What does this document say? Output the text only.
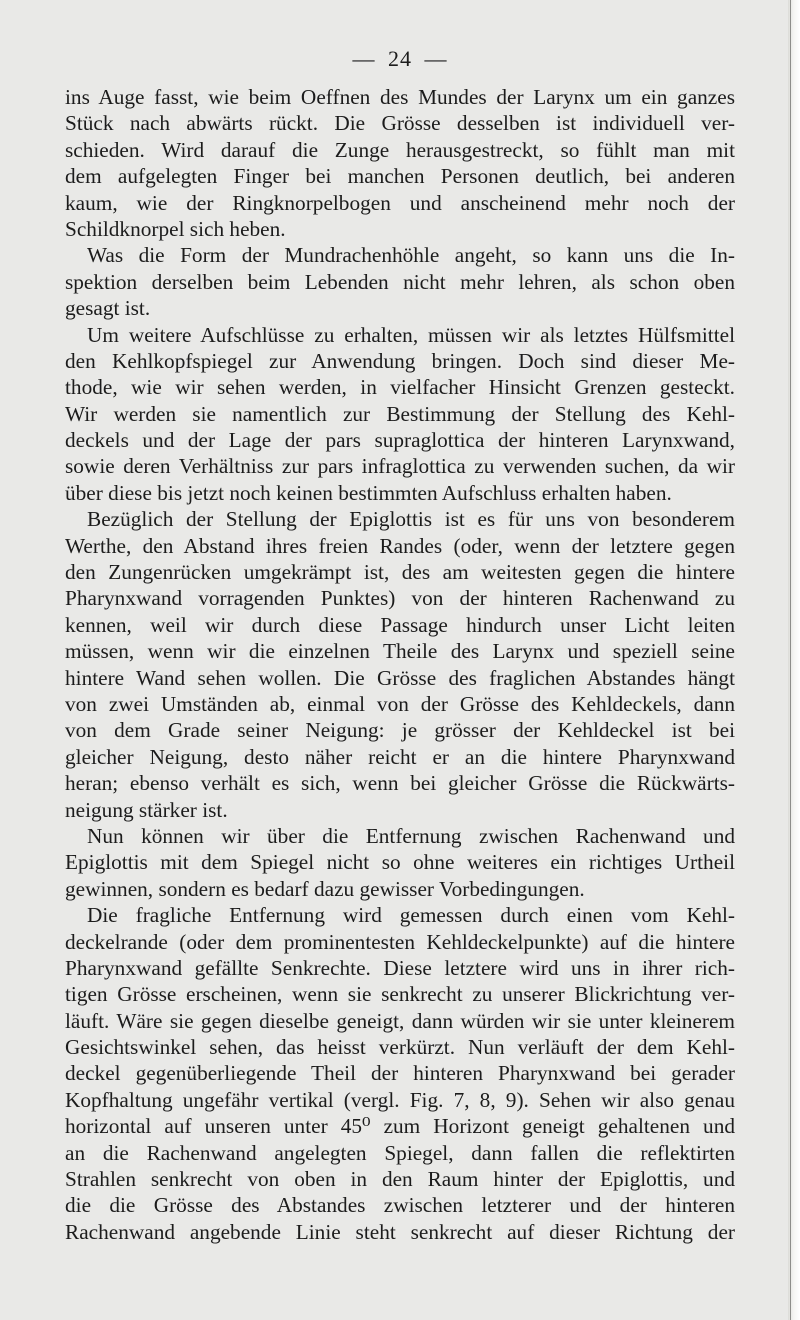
— 24 —
ins Auge fasst, wie beim Oeffnen des Mundes der Larynx um ein ganzes
Stück nach abwärts rückt. Die Grösse desselben ist individuell ver-
schieden. Wird darauf die Zunge herausgestreckt, so fühlt man mit
dem aufgelegten Finger bei manchen Personen deutlich, bei anderen
kaum, wie der Ringknorpelbogen und anscheinend mehr noch der
Schildknorpel sich heben.
Was die Form der Mundrachenhöhle angeht, so kann uns die In-
spektion derselben beim Lebenden nicht mehr lehren, als schon oben
gesagt ist.
Um weitere Aufschlüsse zu erhalten, müssen wir als letztes Hülfsmittel
den Kehlkopfspiegel zur Anwendung bringen. Doch sind dieser Me-
thode, wie wir sehen werden, in vielfacher Hinsicht Grenzen gesteckt.
Wir werden sie namentlich zur Bestimmung der Stellung des Kehl-
deckels und der Lage der pars supraglottica der hinteren Larynxwand,
sowie deren Verhältniss zur pars infraglottica zu verwenden suchen, da wir
über diese bis jetzt noch keinen bestimmten Aufschluss erhalten haben.
Bezüglich der Stellung der Epiglottis ist es für uns von besonderem
Werthe, den Abstand ihres freien Randes (oder, wenn der letztere gegen
den Zungenrücken umgekrämpt ist, des am weitesten gegen die hintere
Pharynxwand vorragenden Punktes) von der hinteren Rachenwand zu
kennen, weil wir durch diese Passage hindurch unser Licht leiten
müssen, wenn wir die einzelnen Theile des Larynx und speziell seine
hintere Wand sehen wollen. Die Grösse des fraglichen Abstandes hängt
von zwei Umständen ab, einmal von der Grösse des Kehldeckels, dann
von dem Grade seiner Neigung: je grösser der Kehldeckel ist bei
gleicher Neigung, desto näher reicht er an die hintere Pharynxwand
heran; ebenso verhält es sich, wenn bei gleicher Grösse die Rückwärts-
neigung stärker ist.
Nun können wir über die Entfernung zwischen Rachenwand und
Epiglottis mit dem Spiegel nicht so ohne weiteres ein richtiges Urtheil
gewinnen, sondern es bedarf dazu gewisser Vorbedingungen.
Die fragliche Entfernung wird gemessen durch einen vom Kehl-
deckelrande (oder dem prominentesten Kehldeckelpunkte) auf die hintere
Pharynxwand gefällte Senkrechte. Diese letztere wird uns in ihrer rich-
tigen Grösse erscheinen, wenn sie senkrecht zu unserer Blickrichtung ver-
läuft. Wäre sie gegen dieselbe geneigt, dann würden wir sie unter kleinerem
Gesichtswinkel sehen, das heisst verkürzt. Nun verläuft der dem Kehl-
deckel gegenüberliegende Theil der hinteren Pharynxwand bei gerader
Kopfhaltung ungefähr vertikal (vergl. Fig. 7, 8, 9). Sehen wir also genau
horizontal auf unseren unter 45⁰ zum Horizont geneigt gehaltenen und
an die Rachenwand angelegten Spiegel, dann fallen die reflektirten
Strahlen senkrecht von oben in den Raum hinter der Epiglottis, und
die die Grösse des Abstandes zwischen letzterer und der hinteren
Rachenwand angebende Linie steht senkrecht auf dieser Richtung der
